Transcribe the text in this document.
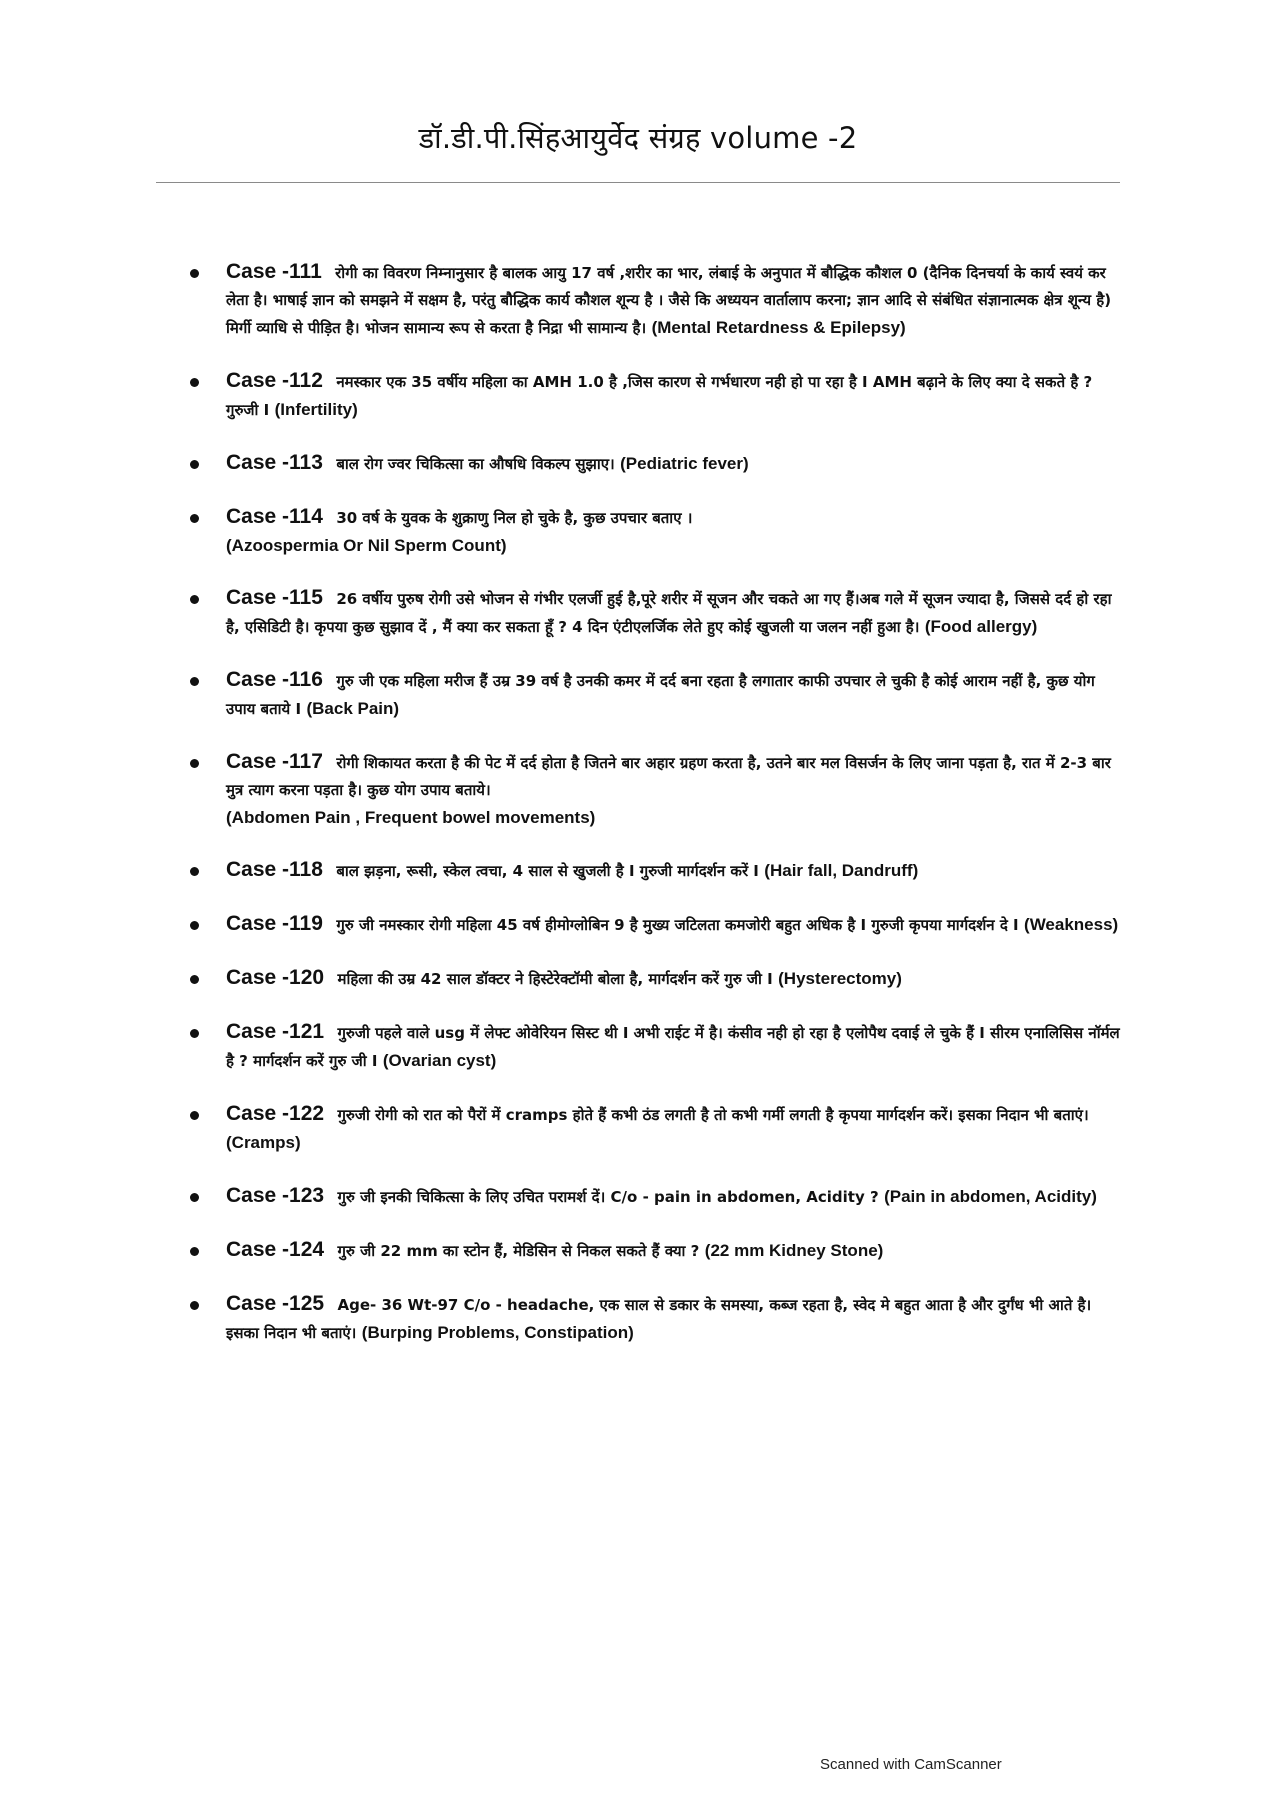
डॉ.डी.पी.सिंहआयुर्वेद संग्रह volume -2
Case -111 रोगी का विवरण निम्नानुसार है बालक आयु 17 वर्ष ,शरीर का भार, लंबाई के अनुपात में बौद्धिक कौशल 0 (दैनिक दिनचर्या के कार्य स्वयं कर लेता है। भाषाई ज्ञान को समझने में सक्षम है, परंतु बौद्धिक कार्य कौशल शून्य है । जैसे कि अध्ययन वार्तालाप करना; ज्ञान आदि से संबंधित संज्ञानात्मक क्षेत्र शून्य है) मिर्गी व्याधि से पीड़ित है। भोजन सामान्य रूप से करता है निद्रा भी सामान्य है। (Mental Retardness & Epilepsy)
Case -112 नमस्कार एक 35 वर्षीय महिला का AMH 1.0 है ,जिस कारण से गर्भधारण नही हो पा रहा है I AMH बढ़ाने के लिए क्या दे सकते है ? गुरुजी I (Infertility)
Case -113 बाल रोग ज्वर चिकित्सा का औषधि विकल्प सुझाए। (Pediatric fever)
Case -114 30 वर्ष के युवक के शुक्राणु निल हो चुके है, कुछ उपचार बताए ।
(Azoospermia Or Nil Sperm Count)
Case -115 26 वर्षीय पुरुष रोगी उसे भोजन से गंभीर एलर्जी हुई है,पूरे शरीर में सूजन और चकते आ गए हैं।अब गले में सूजन ज्यादा है, जिससे दर्द हो रहा है, एसिडिटी है। कृपया कुछ सुझाव दें , मैं क्या कर सकता हूँ ? 4 दिन एंटीएलर्जिक लेते हुए कोई खुजली या जलन नहीं हुआ है। (Food allergy)
Case -116 गुरु जी एक महिला मरीज हैं उम्र 39 वर्ष है उनकी कमर में दर्द बना रहता है लगातार काफी उपचार ले चुकी है कोई आराम नहीं है, कुछ योग उपाय बताये I (Back Pain)
Case -117 रोगी शिकायत करता है की पेट में दर्द होता है जितने बार अहार ग्रहण करता है, उतने बार मल विसर्जन के लिए जाना पड़ता है, रात में 2-3 बार मुत्र त्याग करना पड़ता है। कुछ योग उपाय बताये।
(Abdomen Pain , Frequent bowel movements)
Case -118 बाल झड़ना, रूसी, स्केल त्वचा, 4 साल से खुजली है I गुरुजी मार्गदर्शन करें I (Hair fall, Dandruff)
Case -119 गुरु जी नमस्कार रोगी महिला 45 वर्ष हीमोग्लोबिन 9 है मुख्य जटिलता कमजोरी बहुत अधिक है I गुरुजी कृपया मार्गदर्शन दे I (Weakness)
Case -120 महिला की उम्र 42 साल डॉक्टर ने हिस्टेरेक्टॉमी बोला है, मार्गदर्शन करें गुरु जी I (Hysterectomy)
Case -121 गुरुजी पहले वाले usg में लेफ्ट ओवेरियन सिस्ट थी I अभी राईट में है। कंसीव नही हो रहा है एलोपैथ दवाई ले चुके हैं I सीरम एनालिसिस नॉर्मल है ? मार्गदर्शन करें गुरु जी I (Ovarian cyst)
Case -122 गुरुजी रोगी को रात को पैरों में cramps होते हैं कभी ठंड लगती है तो कभी गर्मी लगती है कृपया मार्गदर्शन करें। इसका निदान भी बताएं। (Cramps)
Case -123 गुरु जी इनकी चिकित्सा के लिए उचित परामर्श दें। C/o - pain in abdomen, Acidity ? (Pain in abdomen, Acidity)
Case -124 गुरु जी 22 mm का स्टोन हैं, मेडिसिन से निकल सकते हैं क्या ? (22 mm Kidney Stone)
Case -125 Age- 36 Wt-97 C/o - headache, एक साल से डकार के समस्या, कब्ज रहता है, स्वेद मे बहुत आता है और दुर्गंध भी आते है। इसका निदान भी बताएं। (Burping Problems, Constipation)
Scanned with CamScanner
